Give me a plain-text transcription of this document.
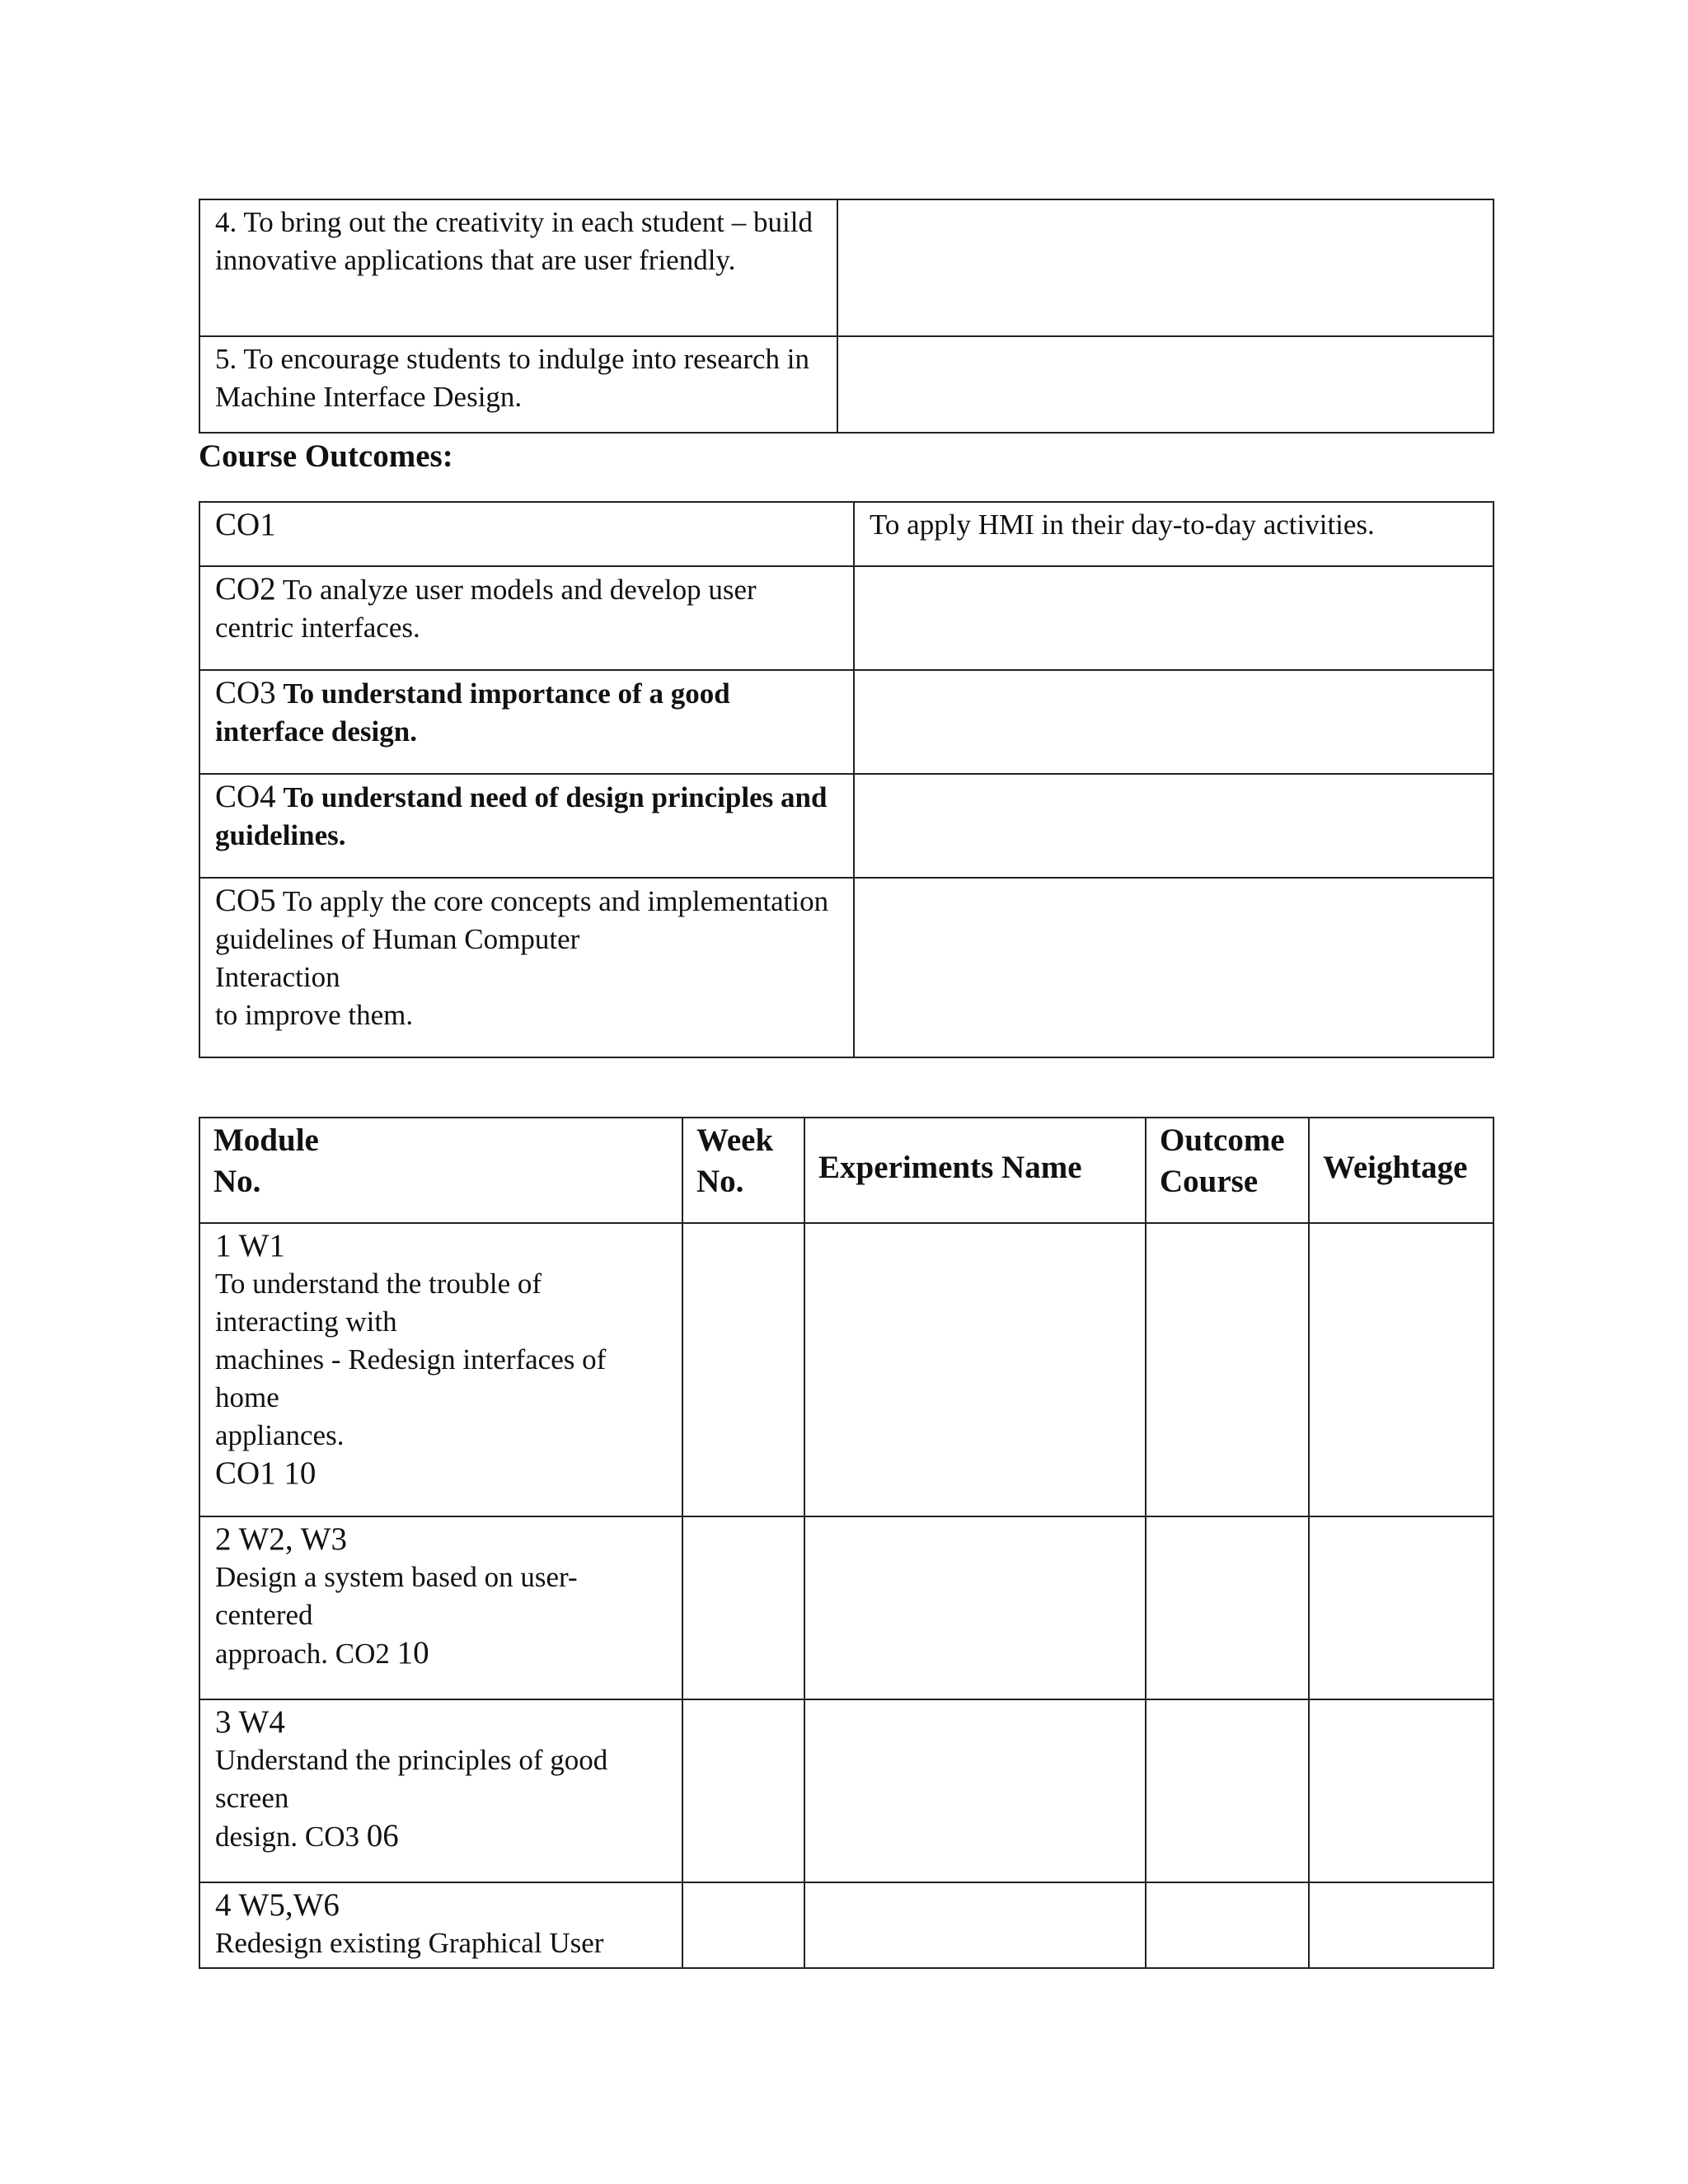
4. To bring out the creativity in each student – build innovative applications that are user friendly.	
5. To encourage students to indulge into research in Machine Interface Design.	
Course Outcomes:
CO1	To apply HMI in their day-to-day activities.
CO2 To analyze user models and develop user centric interfaces.	
CO3 To understand importance of a good interface design.	
CO4 To understand need of design principles and guidelines.	
CO5 To apply the core concepts and implementation guidelines of Human Computer
Interaction
to improve them.	

Module
No.	Week
No.	Experiments Name	Outcome
Course	Weightage

1 W1
To understand the trouble of interacting with
machines - Redesign interfaces of home
appliances.
CO1 10				

2 W2, W3
Design a system based on user-centered
approach. CO2 10				

3 W4
Understand the principles of good screen
design. CO3 06				

4 W5,W6
Redesign existing Graphical User				
